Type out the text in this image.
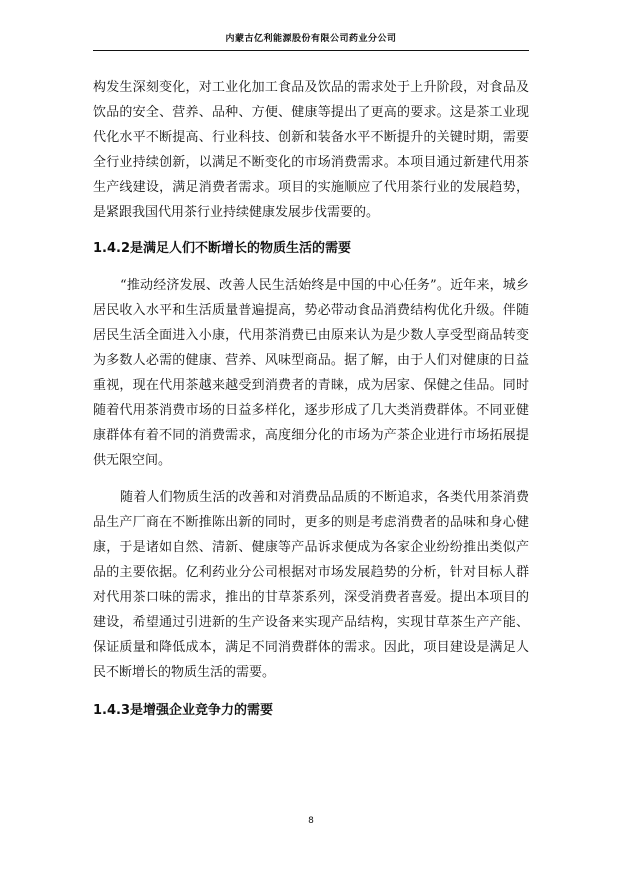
内蒙古亿利能源股份有限公司药业分公司

构发生深刻变化，对工业化加工食品及饮品的需求处于上升阶段，对食品及饮品的安全、营养、品种、方便、健康等提出了更高的要求。这是茶工业现代化水平不断提高、行业科技、创新和装备水平不断提升的关键时期，需要全行业持续创新，以满足不断变化的市场消费需求。本项目通过新建代用茶生产线建设，满足消费者需求。项目的实施顺应了代用茶行业的发展趋势，是紧跟我国代用茶行业持续健康发展步伐需要的。

1.4.2是满足人们不断增长的物质生活的需要

“推动经济发展、改善人民生活始终是中国的中心任务”。近年来，城乡居民收入水平和生活质量普遍提高，势必带动食品消费结构优化升级。伴随居民生活全面进入小康，代用茶消费已由原来认为是少数人享受型商品转变为多数人必需的健康、营养、风味型商品。据了解，由于人们对健康的日益重视，现在代用茶越来越受到消费者的青睐，成为居家、保健之佳品。同时随着代用茶消费市场的日益多样化，逐步形成了几大类消费群体。不同亚健康群体有着不同的消费需求，高度细分化的市场为产茶企业进行市场拓展提供无限空间。

随着人们物质生活的改善和对消费品品质的不断追求，各类代用茶消费品生产厂商在不断推陈出新的同时，更多的则是考虑消费者的品味和身心健康，于是诸如自然、清新、健康等产品诉求便成为各家企业纷纷推出类似产品的主要依据。亿利药业分公司根据对市场发展趋势的分析，针对目标人群对代用茶口味的需求，推出的甘草茶系列，深受消费者喜爱。提出本项目的建设，希望通过引进新的生产设备来实现产品结构，实现甘草茶生产产能、保证质量和降低成本，满足不同消费群体的需求。因此，项目建设是满足人民不断增长的物质生活的需要。

1.4.3是增强企业竞争力的需要
8
